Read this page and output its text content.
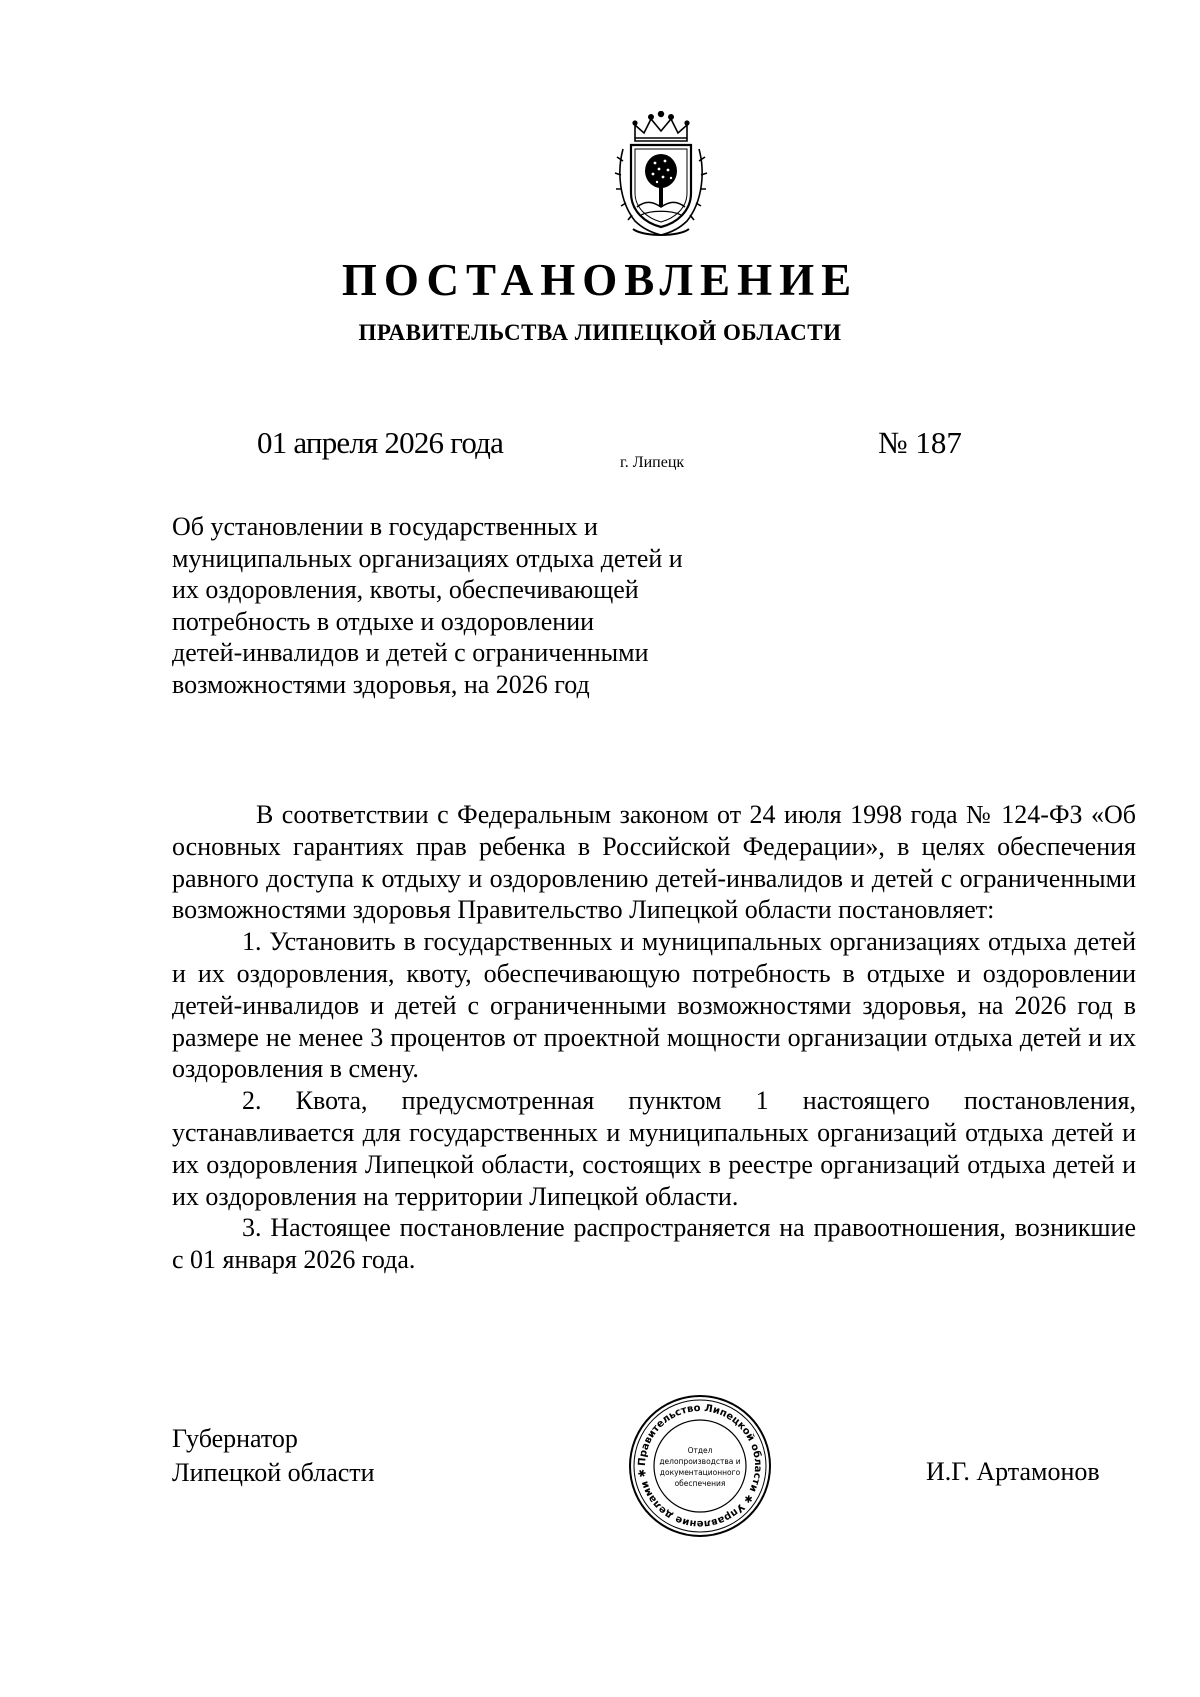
ПОСТАНОВЛЕНИЕ
ПРАВИТЕЛЬСТВА ЛИПЕЦКОЙ ОБЛАСТИ
01 апреля 2026 года
г. Липецк
№ 187
Об установлении в государственных и
муниципальных организациях отдыха детей и
их оздоровления, квоты, обеспечивающей
потребность в отдыхе и оздоровлении
детей-инвалидов и детей с ограниченными
возможностями здоровья, на 2026 год

В соответствии с Федеральным законом от 24 июля 1998 года № 124-ФЗ «Об основных гарантиях прав ребенка в Российской Федерации», в целях обеспечения равного доступа к отдыху и оздоровлению детей-инвалидов и детей с ограниченными возможностями здоровья Правительство Липецкой области постановляет:

1. Установить в государственных и муниципальных организациях отдыха детей и их оздоровления, квоту, обеспечивающую потребность в отдыхе и оздоровлении детей-инвалидов и детей с ограниченными возможностями здоровья, на 2026 год в размере не менее 3 процентов от проектной мощности организации отдыха детей и их оздоровления в смену.

2. Квота, предусмотренная пунктом 1 настоящего постановления, устанавливается для государственных и муниципальных организаций отдыха детей и их оздоровления Липецкой области, состоящих в реестре организаций отдыха детей и их оздоровления на территории Липецкой области.

3. Настоящее постановление распространяется на правоотношения, возникшие с 01 января 2026 года.

Губернатор
Липецкой области	Правительство Липецкой области ✱ Управление делами ✱
Отдел
делопроизводства и
документационного
обеспечения	И.Г. Артамонов
